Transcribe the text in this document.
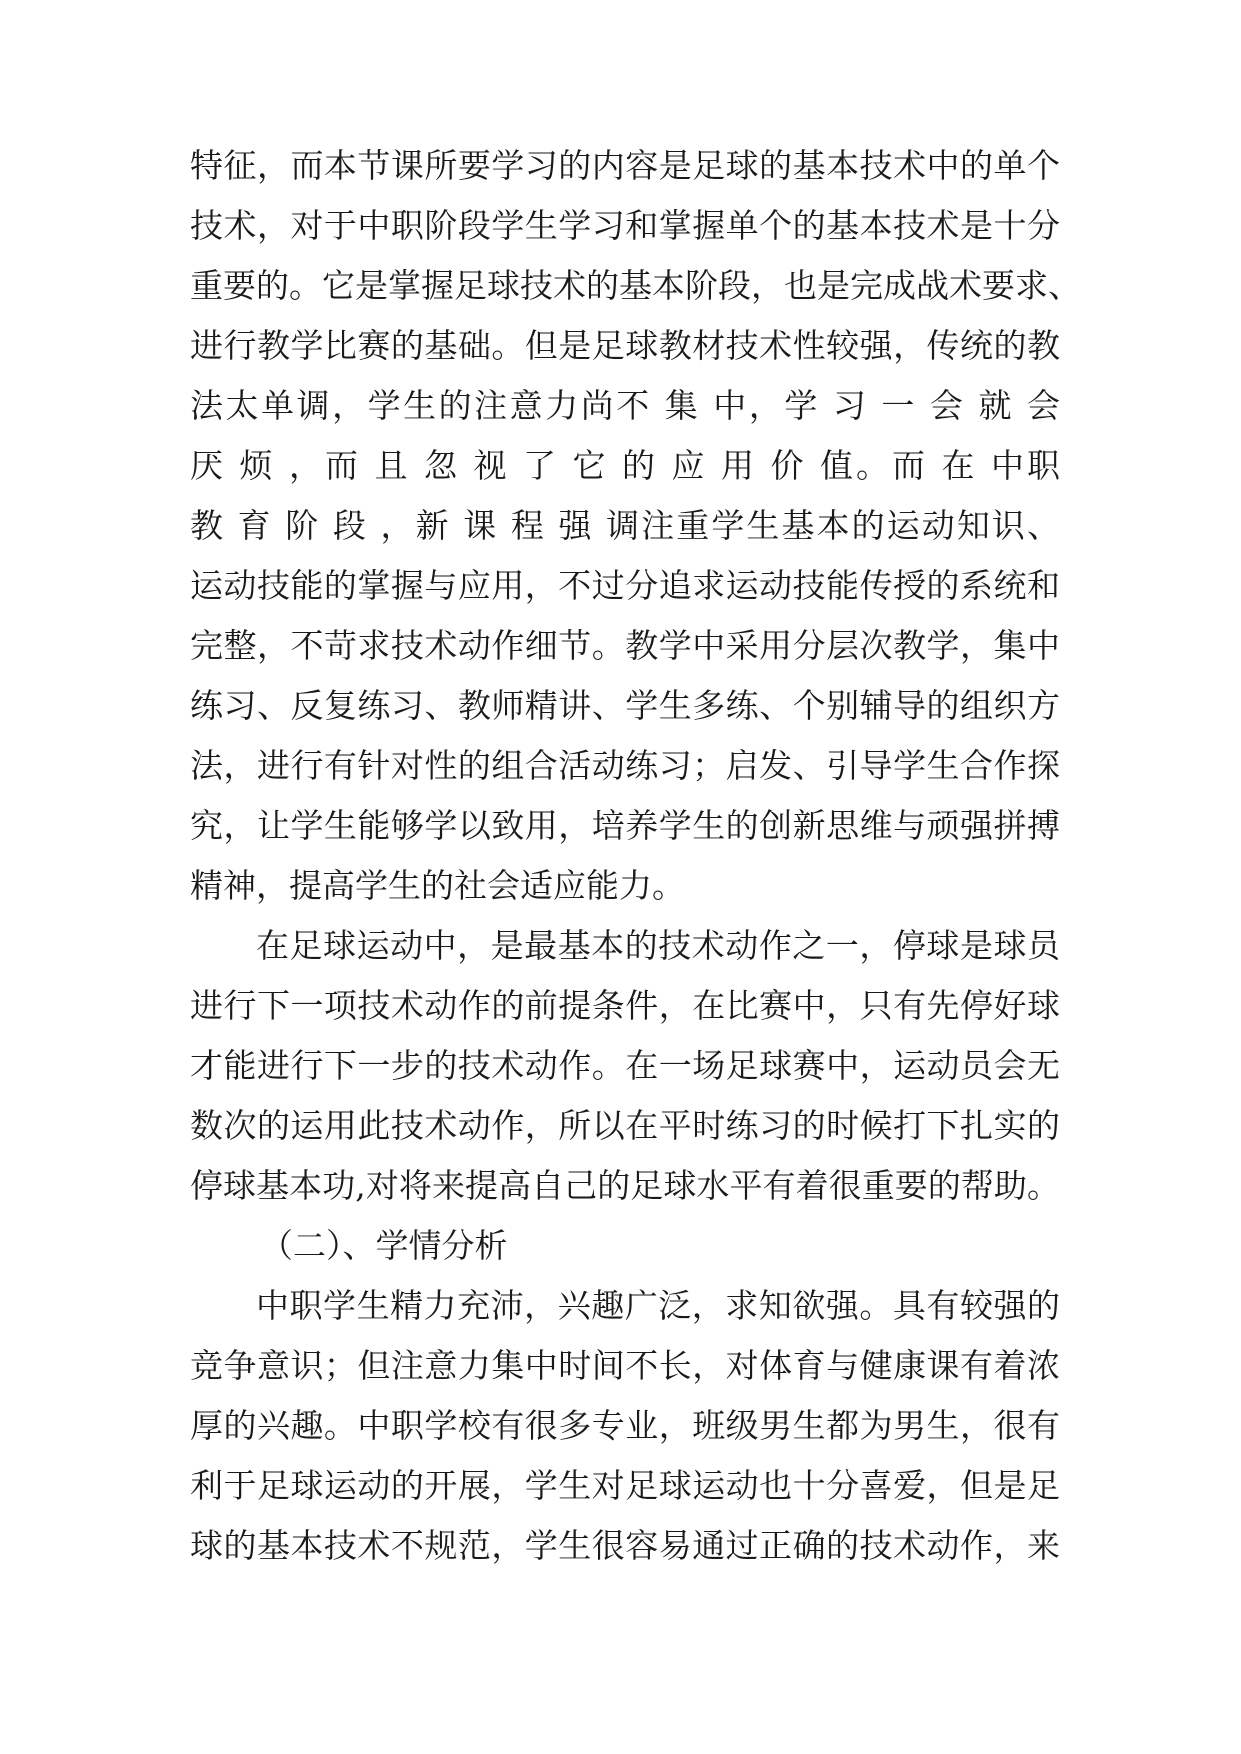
特征，而本节课所要学习的内容是足球的基本技术中的单个
技术，对于中职阶段学生学习和掌握单个的基本技术是十分
重要的。它是掌握足球技术的基本阶段，也是完成战术要求、
进行教学比赛的基础。但是足球教材技术性较强，传统的教
法太单调，学生的注意力尚不 集 中，学 习 一 会 就 会
厌 烦 ，而 且 忽 视 了 它 的 应 用 价 值。而 在 中职
教 育 阶 段 ，新 课 程 强 调注重学生基本的运动知识、
运动技能的掌握与应用，不过分追求运动技能传授的系统和
完整，不苛求技术动作细节。教学中采用分层次教学，集中
练习、反复练习、教师精讲、学生多练、个别辅导的组织方
法，进行有针对性的组合活动练习；启发、引导学生合作探
究，让学生能够学以致用，培养学生的创新思维与顽强拼搏
精神，提高学生的社会适应能力。
在足球运动中，是最基本的技术动作之一，停球是球员
进行下一项技术动作的前提条件，在比赛中，只有先停好球
才能进行下一步的技术动作。在一场足球赛中，运动员会无
数次的运用此技术动作，所以在平时练习的时候打下扎实的
停球基本功,对将来提高自己的足球水平有着很重要的帮助。
（二）、学情分析
中职学生精力充沛，兴趣广泛，求知欲强。具有较强的
竞争意识；但注意力集中时间不长，对体育与健康课有着浓
厚的兴趣。中职学校有很多专业，班级男生都为男生，很有
利于足球运动的开展，学生对足球运动也十分喜爱，但是足
球的基本技术不规范，学生很容易通过正确的技术动作，来
